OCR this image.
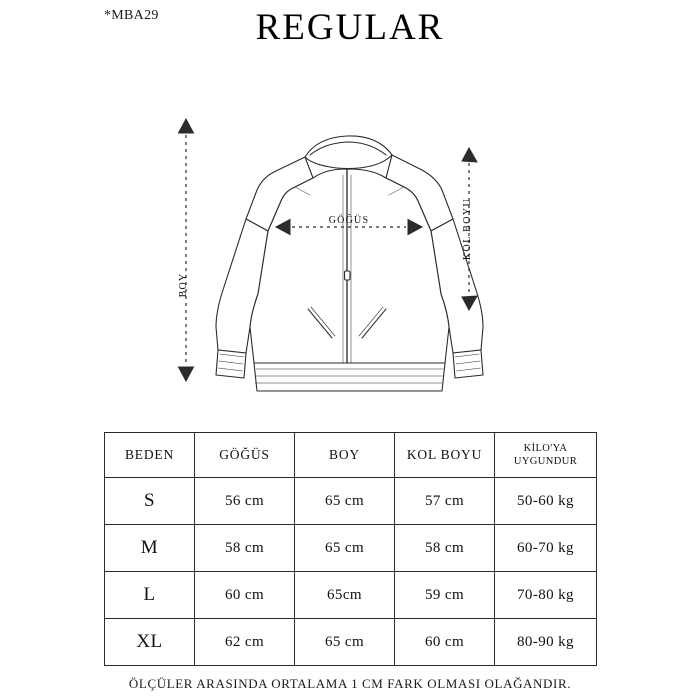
*MBA29	REGULAR
BOY
GÖĞÜS	KOL BOYU
BEDEN	GÖĞÜS	BOY	KOL BOYU	KİLO'YA
UYGUNDUR

S	56 cm	65 cm	57 cm	50-60 kg
M	58 cm	65 cm	58 cm	60-70 kg
L	60 cm	65cm	59 cm	70-80 kg
XL	62 cm	65 cm	60 cm	80-90 kg
ÖLÇÜLER ARASINDA ORTALAMA 1 CM FARK OLMASI OLAĞANDIR.
